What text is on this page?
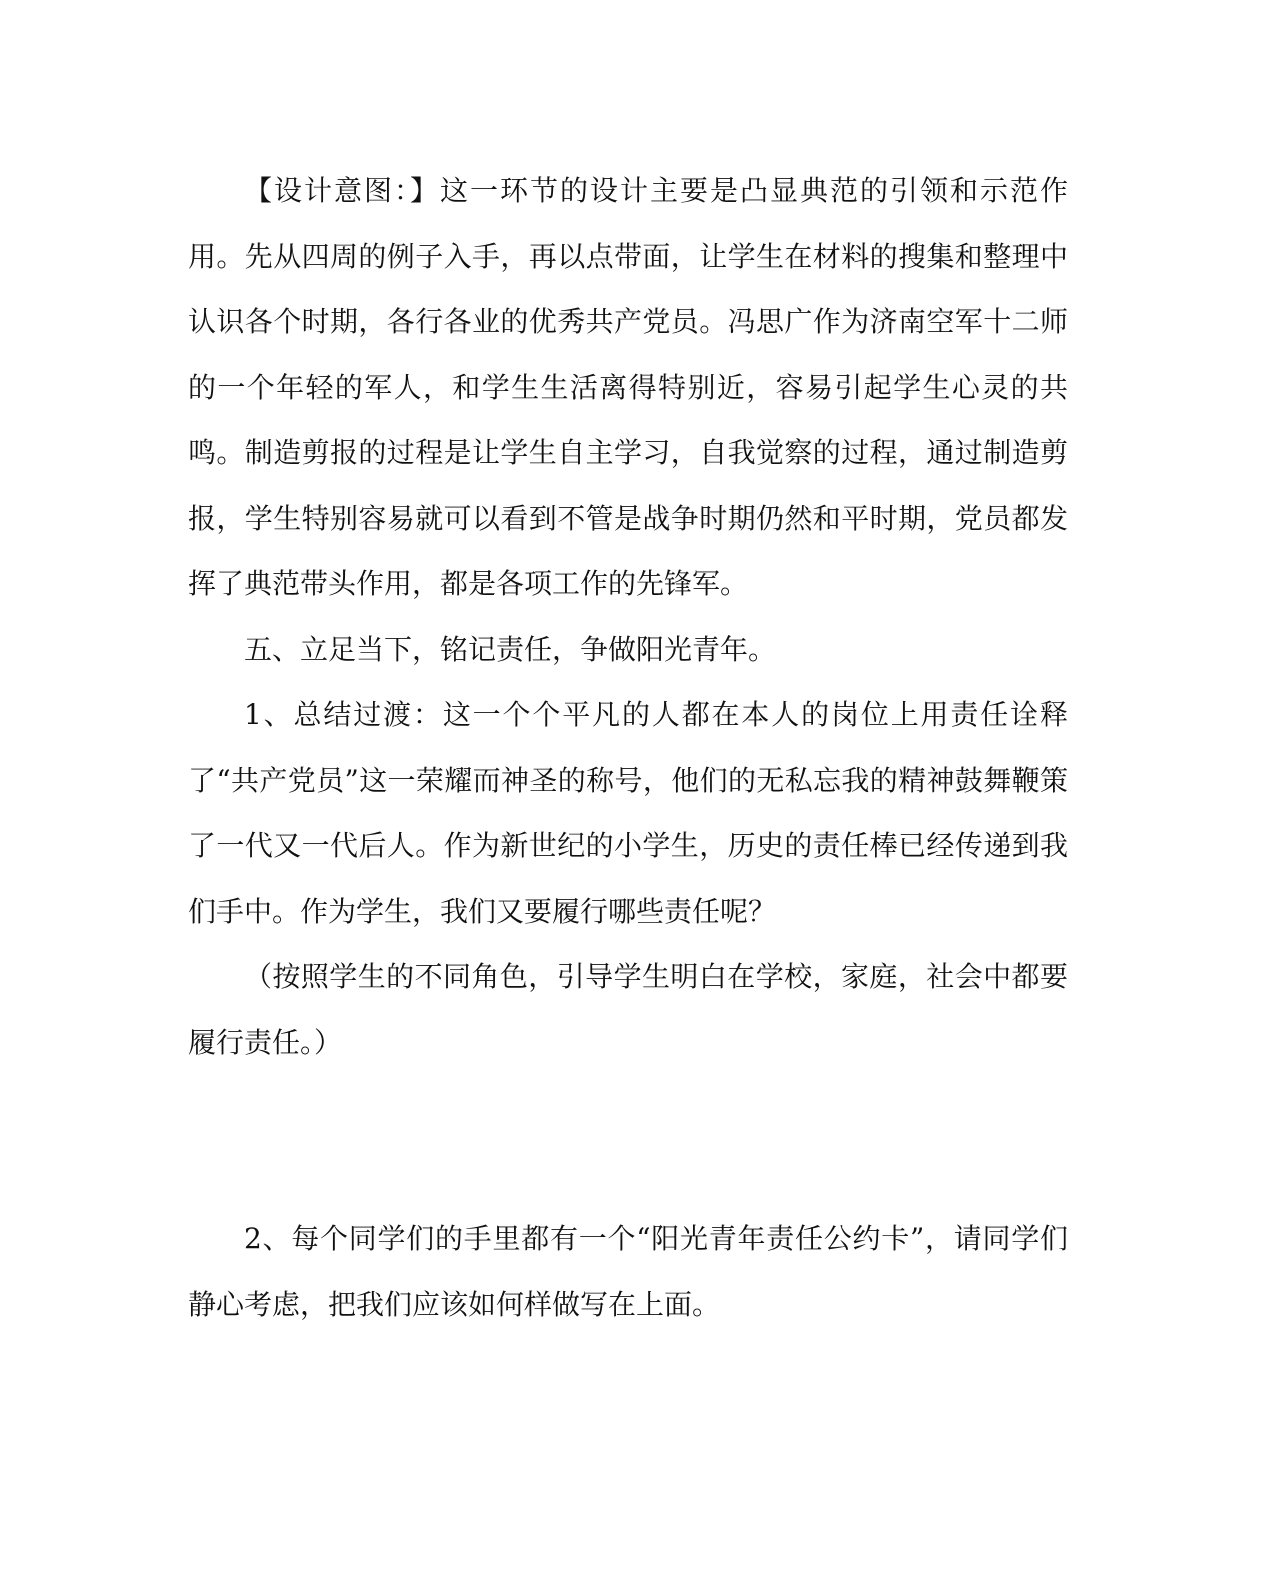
【设计意图：】这一环节的设计主要是凸显典范的引领和示范作用。先从四周的例子入手，再以点带面，让学生在材料的搜集和整理中认识各个时期，各行各业的优秀共产党员。冯思广作为济南空军十二师的一个年轻的军人，和学生生活离得特别近，容易引起学生心灵的共鸣。制造剪报的过程是让学生自主学习，自我觉察的过程，通过制造剪报，学生特别容易就可以看到不管是战争时期仍然和平时期，党员都发挥了典范带头作用，都是各项工作的先锋军。

五、立足当下，铭记责任，争做阳光青年。

1、总结过渡：这一个个平凡的人都在本人的岗位上用责任诠释了“共产党员”这一荣耀而神圣的称号，他们的无私忘我的精神鼓舞鞭策了一代又一代后人。作为新世纪的小学生，历史的责任棒已经传递到我们手中。作为学生，我们又要履行哪些责任呢？

（按照学生的不同角色，引导学生明白在学校，家庭，社会中都要履行责任。）

2、每个同学们的手里都有一个“阳光青年责任公约卡”，请同学们静心考虑，把我们应该如何样做写在上面。
